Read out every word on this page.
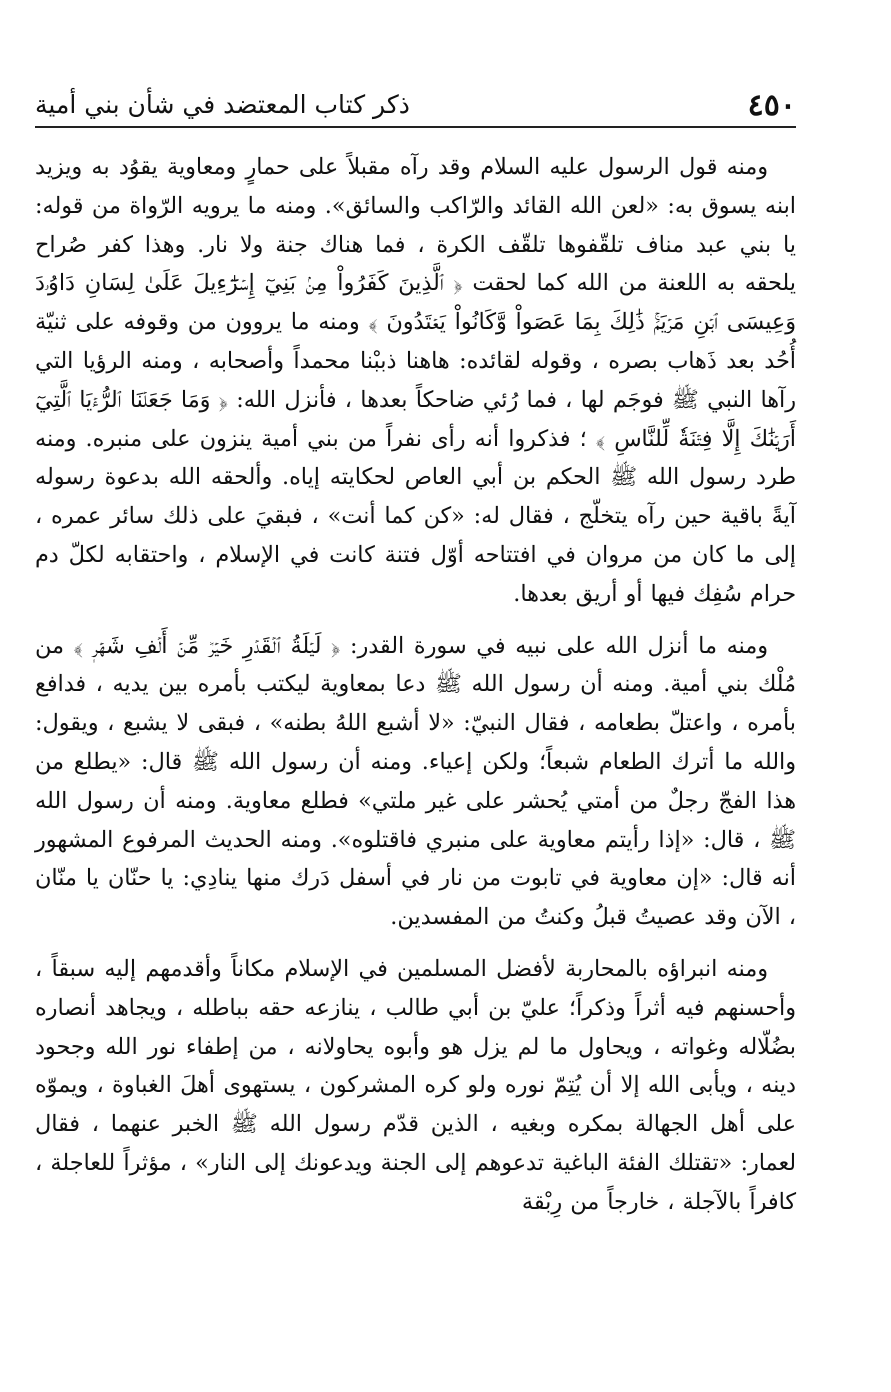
٤٥٠
ذكر كتاب المعتضد في شأن بني أمية

ومنه قول الرسول عليه السلام وقد رآه مقبلاً على حمارٍ ومعاوية يقوُد به ويزيد ابنه يسوق به: «لعن الله القائد والرّاكب والسائق». ومنه ما يرويه الرّواة من قوله: يا بني عبد مناف تلقّفوها تلقّف الكرة ، فما هناك جنة ولا نار. وهذا كفر صُراح يلحقه به اللعنة من الله كما لحقت ﴿ ٱلَّذِينَ كَفَرُواْ مِنۢ بَنِيٓ إِسۡرَٰٓءِيلَ عَلَىٰ لِسَانِ دَاوُۥدَ وَعِيسَى ٱبۡنِ مَرۡيَمَۚ ذَٰلِكَ بِمَا عَصَواْ وَّكَانُواْ يَعۡتَدُونَ ﴾ ومنه ما يروون من وقوفه على ثنيّة أُحُد بعد ذَهاب بصره ، وقوله لقائده: هاهنا ذببْنا محمداً وأصحابه ، ومنه الرؤيا التي رآها النبي ﷺ فوجَم لها ، فما رُئي ضاحكاً بعدها ، فأنزل الله: ﴿ وَمَا جَعَلۡنَا ٱلرُّءۡيَا ٱلَّتِيٓ أَرَيۡنَٰكَ إِلَّا فِتۡنَةٗ لِّلنَّاسِ ﴾ ؛ فذكروا أنه رأى نفراً من بني أمية ينزون على منبره. ومنه طرد رسول الله ﷺ الحكم بن أبي العاص لحكايته إياه. وألحقه الله بدعوة رسوله آيةً باقية حين رآه يتخلّج ، فقال له: «كن كما أنت» ، فبقيَ على ذلك سائر عمره ، إلى ما كان من مروان في افتتاحه أوّل فتنة كانت في الإسلام ، واحتقابه لكلّ دم حرام سُفِك فيها أو أريق بعدها.

ومنه ما أنزل الله على نبيه في سورة القدر: ﴿ لَيۡلَةُ ٱلۡقَدۡرِ خَيۡرٞ مِّنۡ أَلۡفِ شَهۡرٖ ﴾ من مُلْك بني أمية. ومنه أن رسول الله ﷺ دعا بمعاوية ليكتب بأمره بين يديه ، فدافع بأمره ، واعتلّ بطعامه ، فقال النبيّ: «لا أشبع اللهُ بطنه» ، فبقى لا يشبع ، ويقول: والله ما أترك الطعام شبعاً؛ ولكن إعياء. ومنه أن رسول الله ﷺ قال: «يطلع من هذا الفجّ رجلٌ من أمتي يُحشر على غير ملتي» فطلع معاوية. ومنه أن رسول الله ﷺ ، قال: «إذا رأيتم معاوية على منبري فاقتلوه». ومنه الحديث المرفوع المشهور أنه قال: «إن معاوية في تابوت من نار في أسفل دَرك منها ينادِي: يا حنّان يا منّان ، الآن وقد عصيتُ قبلُ وكنتُ من المفسدين.

ومنه انبراؤه بالمحاربة لأفضل المسلمين في الإسلام مكاناً وأقدمهم إليه سبقاً ، وأحسنهم فيه أثراً وذكراً؛ عليّ بن أبي طالب ، ينازعه حقه بباطله ، ويجاهد أنصاره بضُلّاله وغواته ، ويحاول ما لم يزل هو وأبوه يحاولانه ، من إطفاء نور الله وجحود دينه ، ويأبى الله إلا أن يُتِمّ نوره ولو كره المشركون ، يستهوى أهلَ الغباوة ، ويموّه على أهل الجهالة بمكره وبغيه ، الذين قدّم رسول الله ﷺ الخبر عنهما ، فقال لعمار: «تقتلك الفئة الباغية تدعوهم إلى الجنة ويدعونك إلى النار» ، مؤثراً للعاجلة ، كافراً بالآجلة ، خارجاً من رِبْقة
